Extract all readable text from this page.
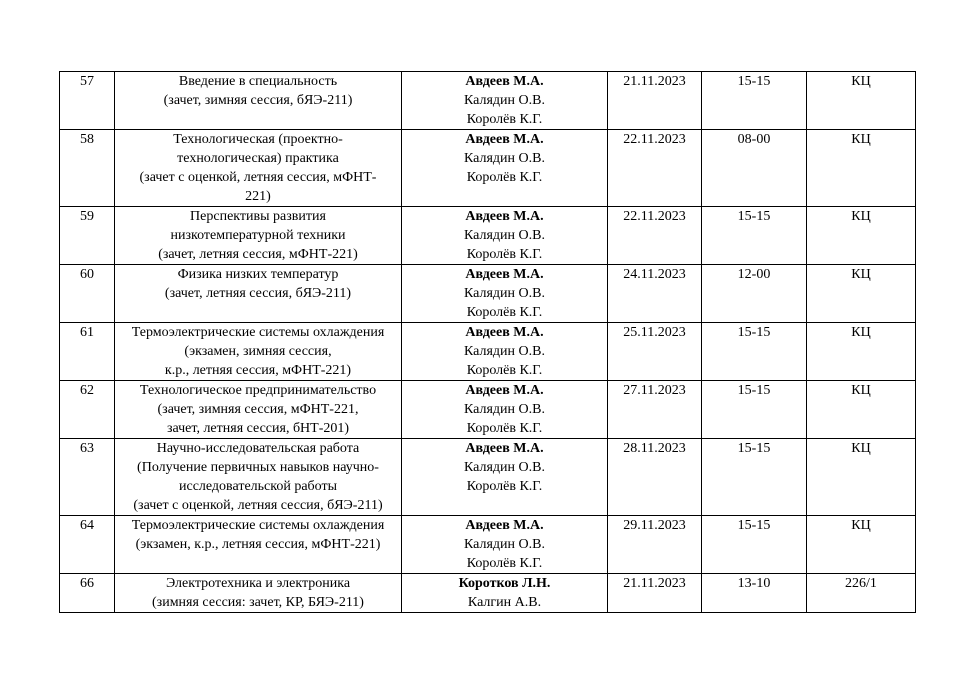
57	Введение в специальность
(зачет, зимняя сессия, бЯЭ-211)	Авдеев М.А.
Калядин О.В.
Королёв К.Г.	21.11.2023	15-15	КЦ
58	Технологическая (проектно-
технологическая) практика
(зачет с оценкой, летняя сессия, мФНТ-
221)	Авдеев М.А.
Калядин О.В.
Королёв К.Г.	22.11.2023	08-00	КЦ
59	Перспективы развития
низкотемпературной техники
(зачет, летняя сессия, мФНТ-221)	Авдеев М.А.
Калядин О.В.
Королёв К.Г.	22.11.2023	15-15	КЦ
60	Физика низких температур
(зачет, летняя сессия, бЯЭ-211)	Авдеев М.А.
Калядин О.В.
Королёв К.Г.	24.11.2023	12-00	КЦ
61	Термоэлектрические системы охлаждения
(экзамен, зимняя сессия,
к.р., летняя сессия, мФНТ-221)	Авдеев М.А.
Калядин О.В.
Королёв К.Г.	25.11.2023	15-15	КЦ
62	Технологическое предпринимательство
(зачет, зимняя сессия, мФНТ-221,
зачет, летняя сессия, бНТ-201)	Авдеев М.А.
Калядин О.В.
Королёв К.Г.	27.11.2023	15-15	КЦ
63	Научно-исследовательская работа
(Получение первичных навыков научно-
исследовательской работы
(зачет с оценкой, летняя сессия, бЯЭ-211)	Авдеев М.А.
Калядин О.В.
Королёв К.Г.	28.11.2023	15-15	КЦ
64	Термоэлектрические системы охлаждения
(экзамен, к.р., летняя сессия, мФНТ-221)	Авдеев М.А.
Калядин О.В.
Королёв К.Г.	29.11.2023	15-15	КЦ
66	Электротехника и электроника
(зимняя сессия: зачет, КР, БЯЭ-211)	Коротков Л.Н.
Калгин А.В.	21.11.2023	13-10	226/1
